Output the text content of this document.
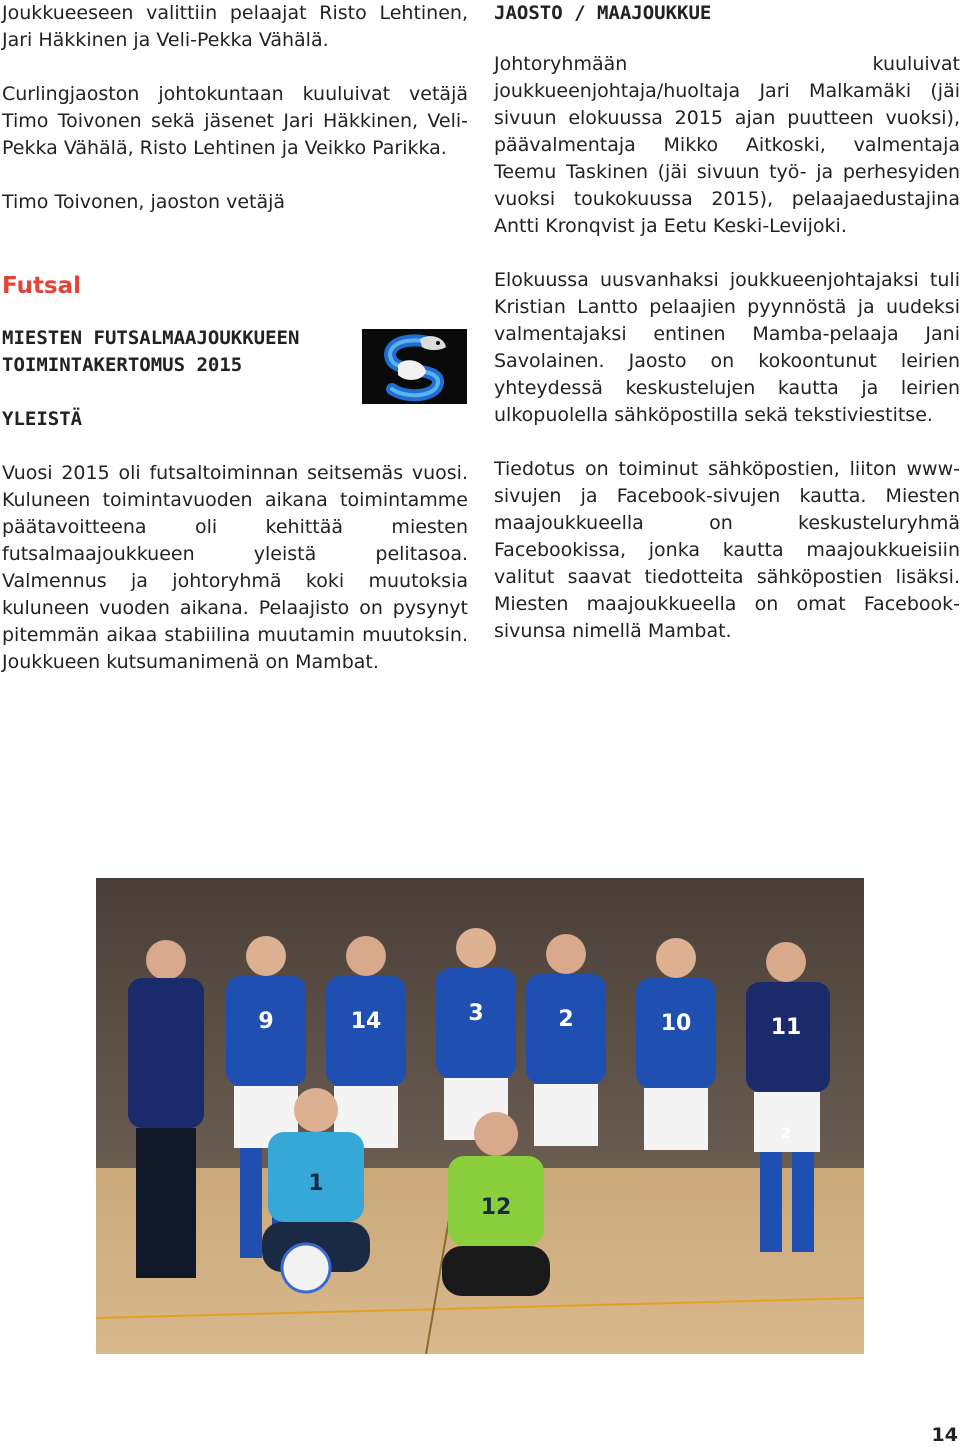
Joukkueeseen valittiin pelaajat Risto Lehtinen, Jari Häkkinen ja Veli-Pekka Vähälä.

Curlingjaoston johtokuntaan kuuluivat vetäjä Timo Toivonen sekä jäsenet Jari Häkkinen, Veli-Pekka Vähälä, Risto Lehtinen ja Veikko Parikka.

Timo Toivonen, jaoston vetäjä

Futsal
MIESTEN FUTSALMAAJOUKKUEEN
TOIMINTAKERTOMUS 2015
YLEISTÄ

Vuosi 2015 oli futsaltoiminnan seitsemäs vuosi. Kuluneen toimintavuoden aikana toimintamme päätavoitteena oli kehittää miesten futsalmaajoukkueen yleistä pelitasoa. Valmennus ja johtoryhmä koki muutoksia kuluneen vuoden aikana. Pelaajisto on pysynyt pitemmän aikaa stabiilina muutamin muutoksin. Joukkueen kutsumanimenä on Mambat.

JAOSTO / MAAJOUKKUE

Johtoryhmään kuuluivat joukkueenjohtaja/huoltaja Jari Malkamäki (jäi sivuun elokuussa 2015 ajan puutteen vuoksi), päävalmentaja Mikko Aitkoski, valmentaja Teemu Taskinen (jäi sivuun työ- ja perhesyiden vuoksi toukokuussa 2015), pelaajaedustajina Antti Kronqvist ja Eetu Keski-Levijoki.

Elokuussa uusvanhaksi joukkueenjohtajaksi tuli Kristian Lantto pelaajien pyynnöstä ja uudeksi valmentajaksi entinen Mamba-pelaaja Jani Savolainen. Jaosto on kokoontunut leirien yhteydessä keskustelujen kautta ja leirien ulkopuolella sähköpostilla sekä tekstiviestitse.

Tiedotus on toiminut sähköpostien, liiton www-sivujen ja Facebook-sivujen kautta. Miesten maajoukkueella on keskusteluryhmä Facebookissa, jonka kautta maajoukkueisiin valitut saavat tiedotteita sähköpostien lisäksi. Miesten maajoukkueella on omat Facebook-sivunsa nimellä Mambat.

9	14	3	2	10	11
1
12
2
14
